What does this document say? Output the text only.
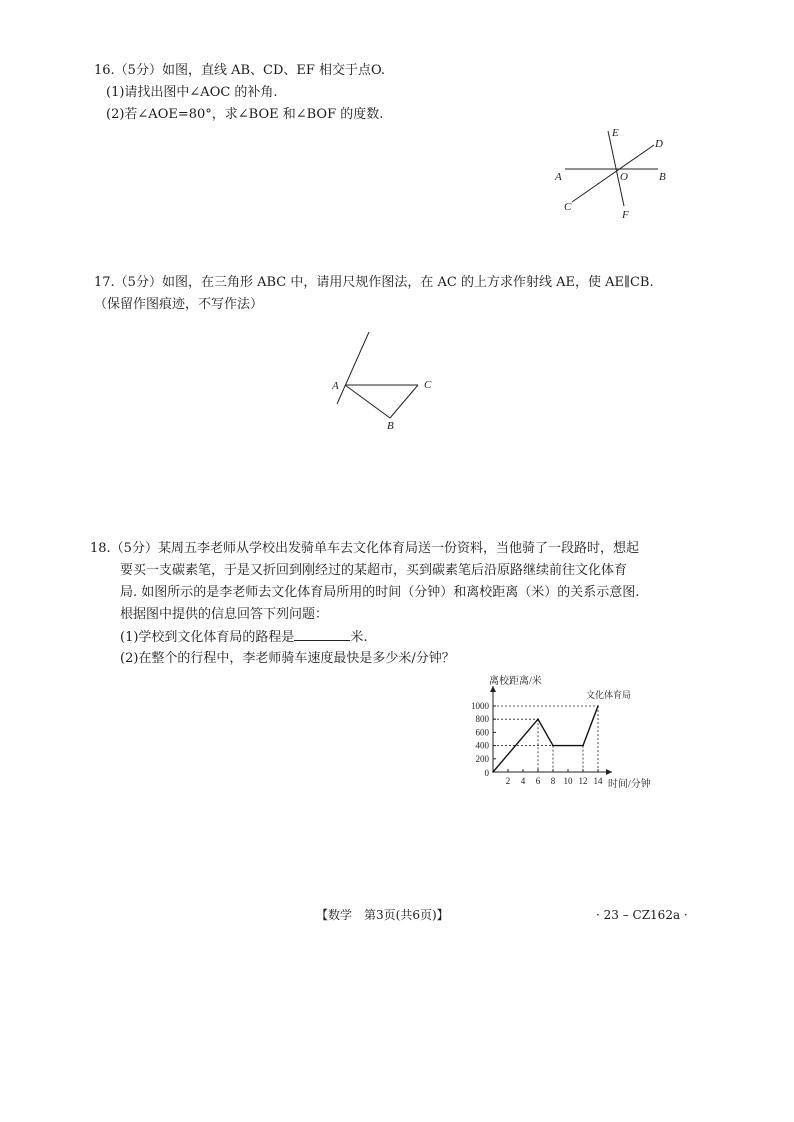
16.（5分）如图，直线 AB、CD、EF 相交于点O.
(1)请找出图中∠AOC 的补角.
(2)若∠AOE=80°，求∠BOE 和∠BOF 的度数.
E
D
A	O	B
C
F
17.（5分）如图，在三角形 ABC 中，请用尺规作图法，在 AC 的上方求作射线 AE，使 AE∥CB.
（保留作图痕迹，不写作法）
A	C
B
18.（5分）某周五李老师从学校出发骑单车去文化体育局送一份资料，当他骑了一段路时，想起
要买一支碳素笔，于是又折回到刚经过的某超市，买到碳素笔后沿原路继续前往文化体育
局. 如图所示的是李老师去文化体育局所用的时间（分钟）和离校距离（米）的关系示意图.
根据图中提供的信息回答下列问题：
(1)学校到文化体育局的路程是	米.
(2)在整个的行程中，李老师骑车速度最快是多少米/分钟？
离校距离/米
时间/分钟
0
2 4 6 8 10 12 14
200
400
600
800
1000
文化体育局
【数学　第3页(共6页)】	· 23 – CZ162a ·
